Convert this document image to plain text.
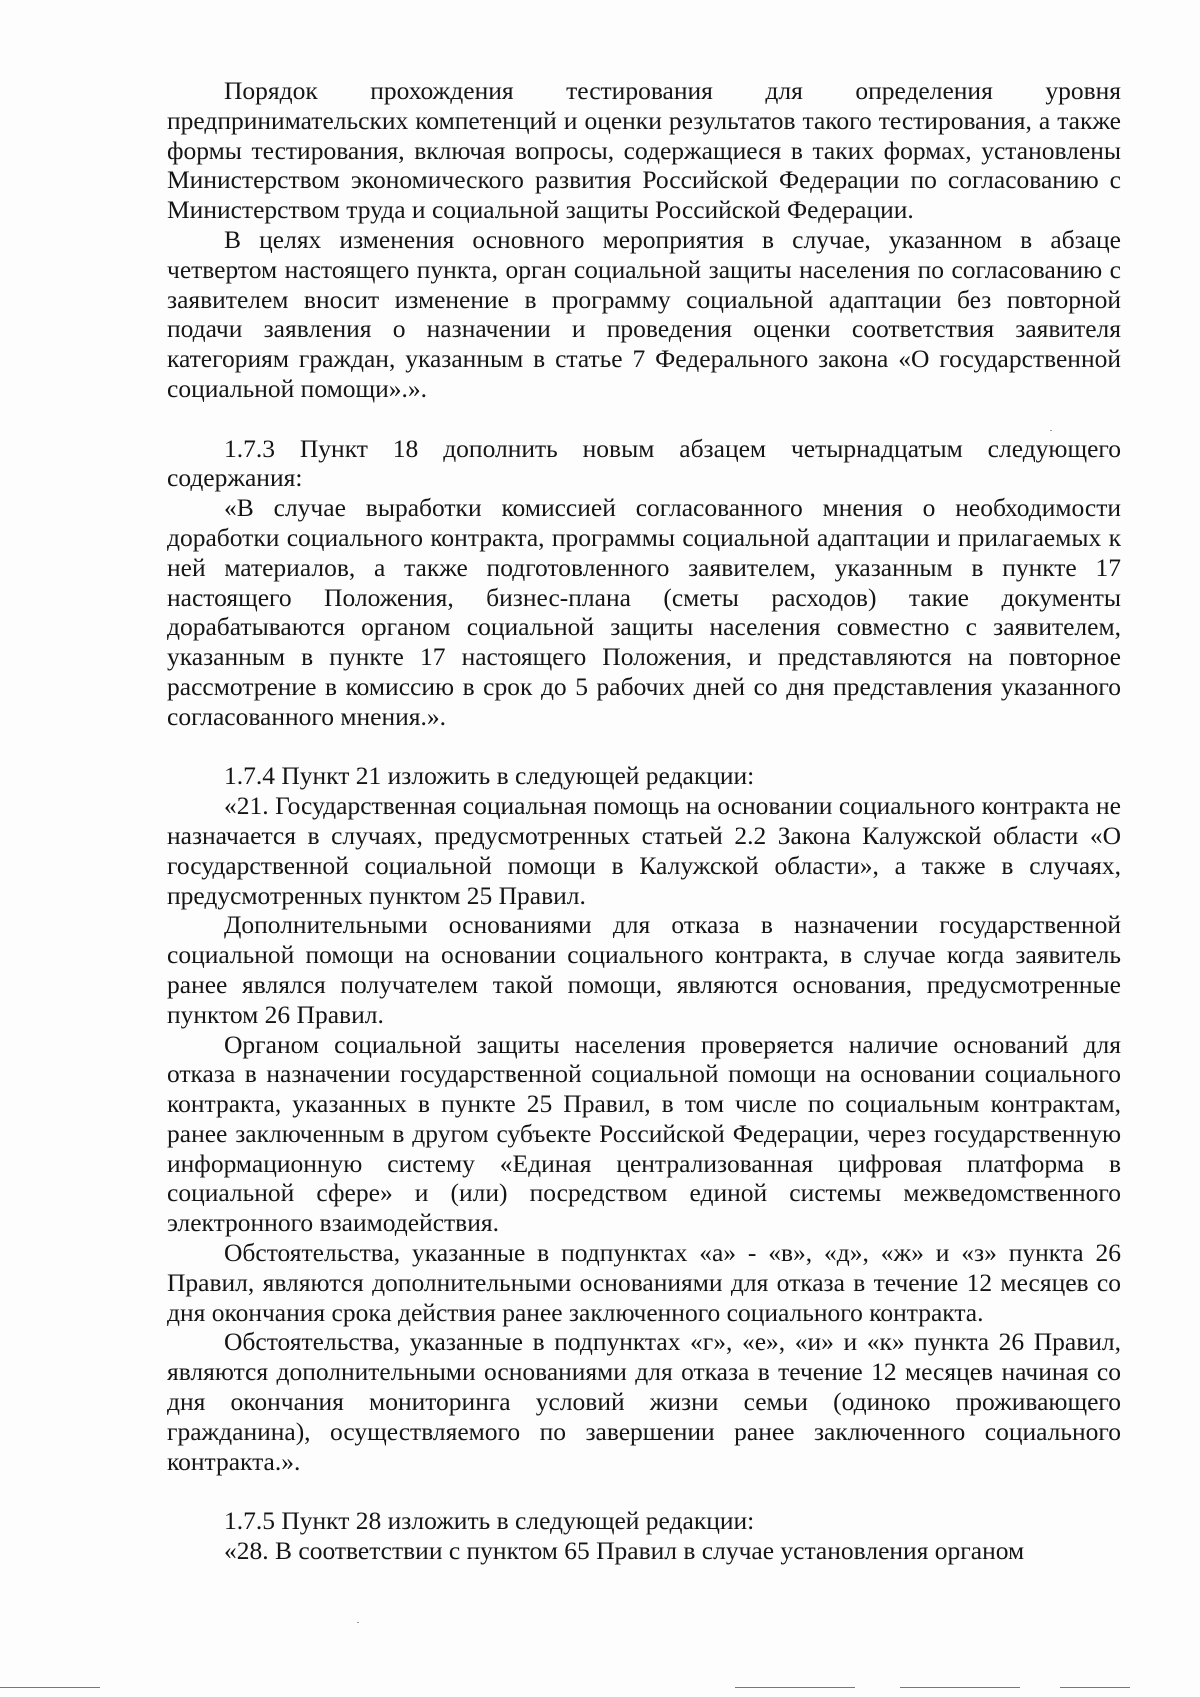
Порядок прохождения тестирования для определения уровня предпринимательских компетенций и оценки результатов такого тестирования, а также формы тестирования, включая вопросы, содержащиеся в таких формах, установлены Министерством экономического развития Российской Федерации по согласованию с Министерством труда и социальной защиты Российской Федерации.

В целях изменения основного мероприятия в случае, указанном в абзаце четвертом настоящего пункта, орган социальной защиты населения по согласованию с заявителем вносит изменение в программу социальной адаптации без повторной подачи заявления о назначении и проведения оценки соответствия заявителя категориям граждан, указанным в статье 7 Федерального закона «О государственной социальной помощи».».

1.7.3 Пункт 18 дополнить новым абзацем четырнадцатым следующего содержания:

«В случае выработки комиссией согласованного мнения о необходимости доработки социального контракта, программы социальной адаптации и прилагаемых к ней материалов, а также подготовленного заявителем, указанным в пункте 17 настоящего Положения, бизнес-плана (сметы расходов) такие документы дорабатываются органом социальной защиты населения совместно с заявителем, указанным в пункте 17 настоящего Положения, и представляются на повторное рассмотрение в комиссию в срок до 5 рабочих дней со дня представления указанного согласованного мнения.».

1.7.4 Пункт 21 изложить в следующей редакции:

«21. Государственная социальная помощь на основании социального контракта не назначается в случаях, предусмотренных статьей 2.2 Закона Калужской области «О государственной социальной помощи в Калужской области», а также в случаях, предусмотренных пунктом 25 Правил.

Дополнительными основаниями для отказа в назначении государственной социальной помощи на основании социального контракта, в случае когда заявитель ранее являлся получателем такой помощи, являются основания, предусмотренные пунктом 26 Правил.

Органом социальной защиты населения проверяется наличие оснований для отказа в назначении государственной социальной помощи на основании социального контракта, указанных в пункте 25 Правил, в том числе по социальным контрактам, ранее заключенным в другом субъекте Российской Федерации, через государственную информационную систему «Единая централизованная цифровая платформа в социальной сфере» и (или) посредством единой системы межведомственного электронного взаимодействия.

Обстоятельства, указанные в подпунктах «а» - «в», «д», «ж» и «з» пункта 26 Правил, являются дополнительными основаниями для отказа в течение 12 месяцев со дня окончания срока действия ранее заключенного социального контракта.

Обстоятельства, указанные в подпунктах «г», «е», «и» и «к» пункта 26 Правил, являются дополнительными основаниями для отказа в течение 12 месяцев начиная со дня окончания мониторинга условий жизни семьи (одиноко проживающего гражданина), осуществляемого по завершении ранее заключенного социального контракта.».

1.7.5 Пункт 28 изложить в следующей редакции:

«28. В соответствии с пунктом 65 Правил в случае установления органом
